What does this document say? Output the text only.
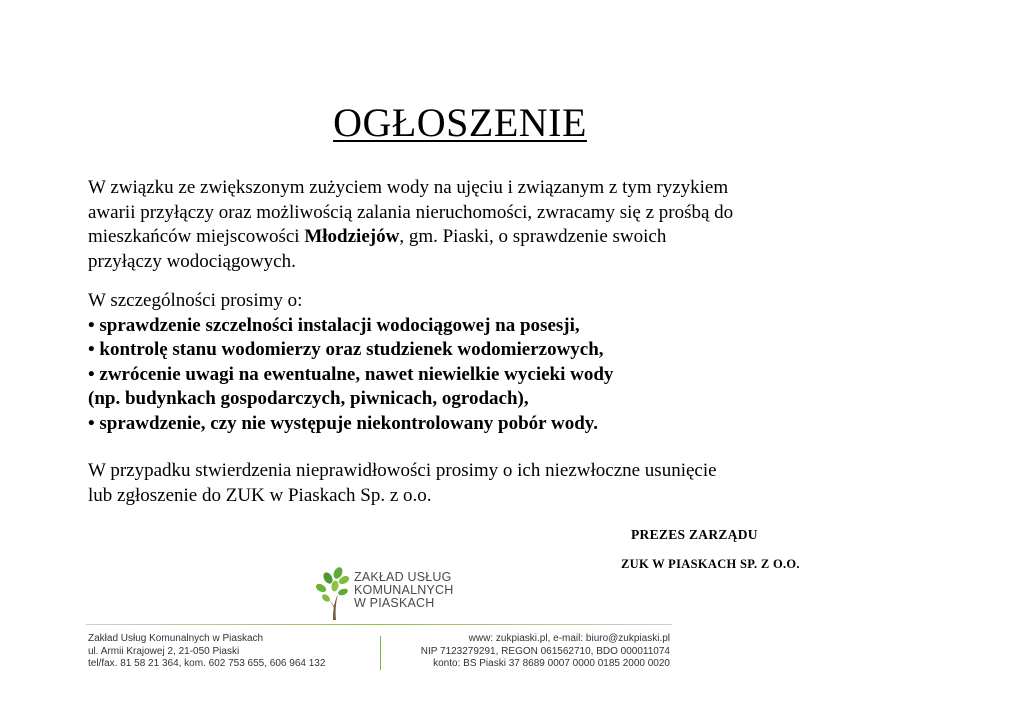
OGŁOSZENIE

W związku ze zwiększonym zużyciem wody na ujęciu i związanym z tym ryzykiem
awarii przyłączy oraz możliwością zalania nieruchomości, zwracamy się z prośbą do
mieszkańców miejscowości Młodziejów, gm. Piaski, o sprawdzenie swoich
przyłączy wodociągowych.

W szczególności prosimy o:
• sprawdzenie szczelności instalacji wodociągowej na posesji,
• kontrolę stanu wodomierzy oraz studzienek wodomierzowych,
• zwrócenie uwagi na ewentualne, nawet niewielkie wycieki wody
(np. budynkach gospodarczych, piwnicach, ogrodach),
• sprawdzenie, czy nie występuje niekontrolowany pobór wody.

W przypadku stwierdzenia nieprawidłowości prosimy o ich niezwłoczne usunięcie
lub zgłoszenie do ZUK w Piaskach Sp. z o.o.

PREZES ZARZĄDU
ZUK W PIASKACH SP. Z O.O.
ZAKŁAD USŁUG
KOMUNALNYCH
W PIASKACH
Zakład Usług Komunalnych w Piaskach
ul. Armii Krajowej 2, 21-050 Piaski
tel/fax. 81 58 21 364, kom. 602 753 655, 606 964 132
www: zukpiaski.pl, e-mail: biuro@zukpiaski.pl
NIP 7123279291, REGON 061562710, BDO 000011074
konto: BS Piaski 37 8689 0007 0000 0185 2000 0020
